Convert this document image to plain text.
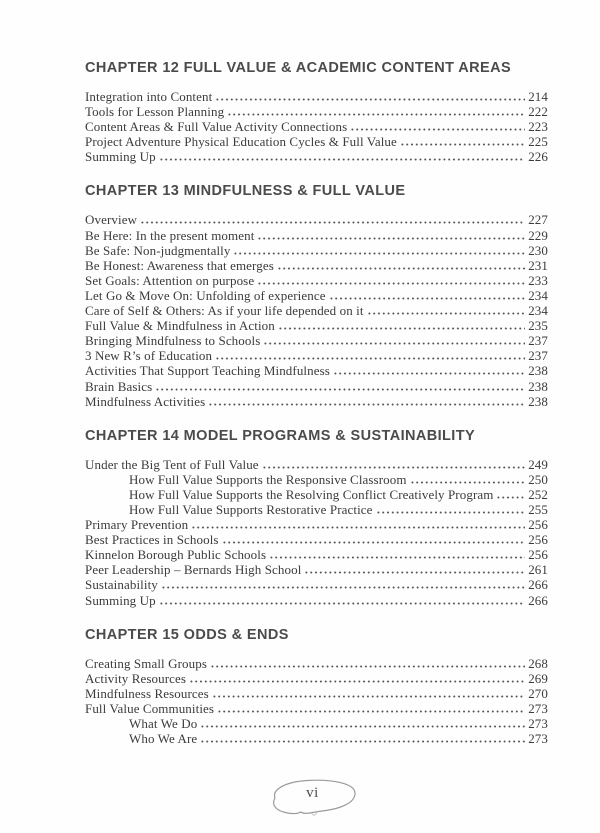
CHAPTER 12 FULL VALUE & ACADEMIC CONTENT AREAS
Integration into Content	214
Tools for Lesson Planning	222
Content Areas & Full Value Activity Connections	223
Project Adventure Physical Education Cycles & Full Value	225
Summing Up	226
CHAPTER 13 MINDFULNESS & FULL VALUE
Overview	227
Be Here: In the present moment	229
Be Safe: Non-judgmentally	230
Be Honest: Awareness that emerges	231
Set Goals: Attention on purpose	233
Let Go & Move On: Unfolding of experience	234
Care of Self & Others: As if your life depended on it	234
Full Value & Mindfulness in Action	235
Bringing Mindfulness to Schools	237
3 New R’s of Education	237
Activities That Support Teaching Mindfulness	238
Brain Basics	238
Mindfulness Activities	238
CHAPTER 14 MODEL PROGRAMS & SUSTAINABILITY
Under the Big Tent of Full Value	249
How Full Value Supports the Responsive Classroom	250
How Full Value Supports the Resolving Conflict Creatively Program	252
How Full Value Supports Restorative Practice	255
Primary Prevention	256
Best Practices in Schools	256
Kinnelon Borough Public Schools	256
Peer Leadership – Bernards High School	261
Sustainability	266
Summing Up	266
CHAPTER 15 ODDS & ENDS
Creating Small Groups	268
Activity Resources	269
Mindfulness Resources	270
Full Value Communities	273
What We Do	273
Who We Are	273
vi
